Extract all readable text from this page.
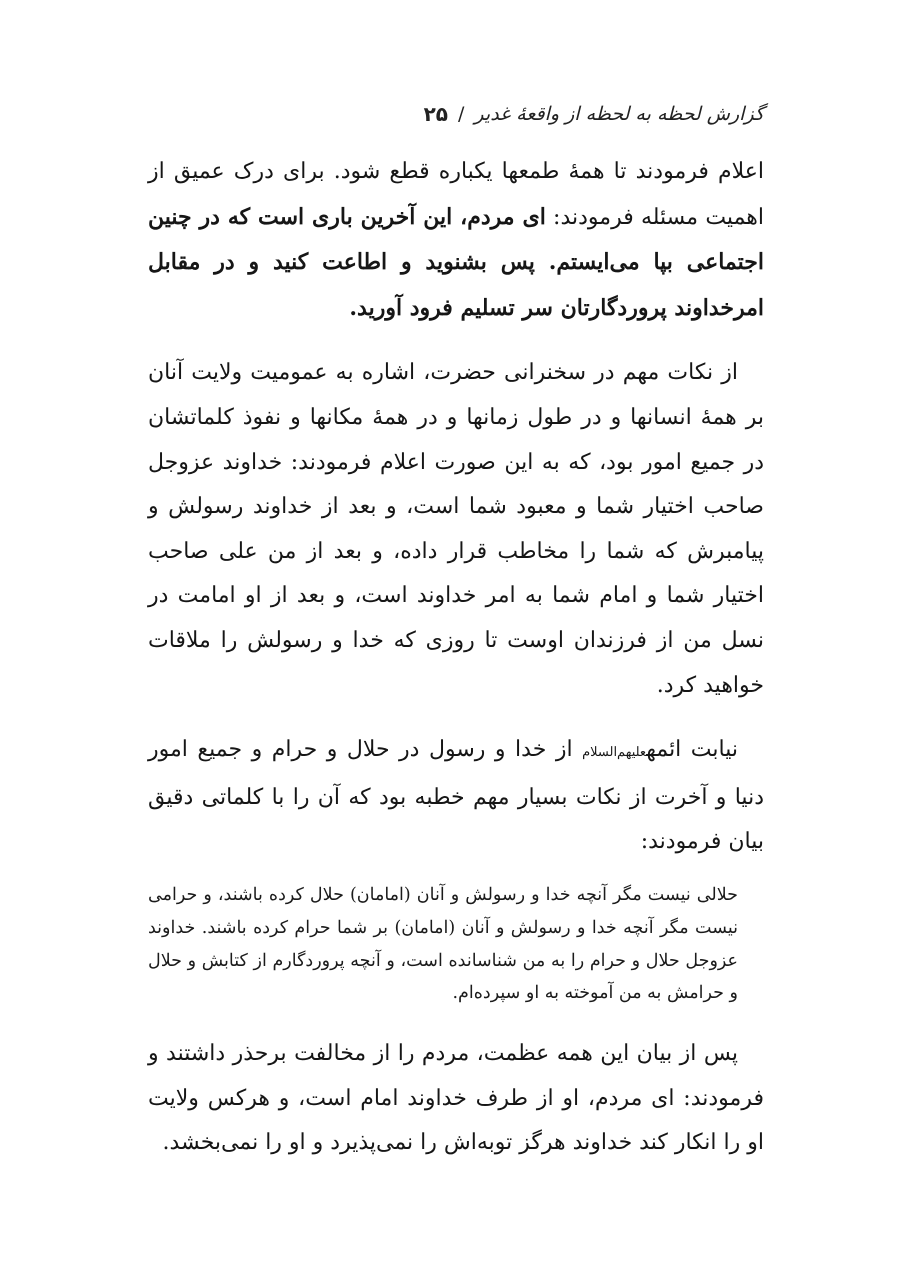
گزارش لحظه به لحظه از واقعهٔ غدیر
/
۲۵

اعلام فرمودند تا همهٔ طمعها یکباره قطع شود. برای درک عمیق از اهمیت مسئله فرمودند: ای مردم، این آخرین باری است که در چنین اجتماعی بپا می‌ایستم. پس بشنوید و اطاعت کنید و در مقابل امرخداوند پروردگارتان سر تسلیم فرود آورید.

از نکات مهم در سخنرانی حضرت، اشاره به عمومیت ولایت آنان بر همهٔ انسانها و در طول زمانها و در همهٔ مکانها و نفوذ کلماتشان در جمیع امور بود، که به این صورت اعلام فرمودند: خداوند عزوجل صاحب اختیار شما و معبود شما است، و بعد از خداوند رسولش و پیامبرش که شما را مخاطب قرار داده، و بعد از من علی صاحب اختیار شما و امام شما به امر خداوند است، و بعد از او امامت در نسل من از فرزندان اوست تا روزی که خدا و رسولش را ملاقات خواهید کرد.

نیابت ائمهعلیهم‌السلام از خدا و رسول در حلال و حرام و جمیع امور دنیا و آخرت از نکات بسیار مهم خطبه بود که آن را با کلماتی دقیق بیان فرمودند:

حلالی نیست مگر آنچه خدا و رسولش و آنان (امامان) حلال کرده باشند، و حرامی نیست مگر آنچه خدا و رسولش و آنان (امامان) بر شما حرام کرده باشند. خداوند عزوجل حلال و حرام را به من شناسانده است، و آنچه پروردگارم از کتابش و حلال و حرامش به من آموخته به او سپرده‌ام.

پس از بیان این همه عظمت، مردم را از مخالفت برحذر داشتند و فرمودند: ای مردم، او از طرف خداوند امام است، و هرکس ولایت او را انکار کند خداوند هرگز توبه‌اش را نمی‌پذیرد و او را نمی‌بخشد.
